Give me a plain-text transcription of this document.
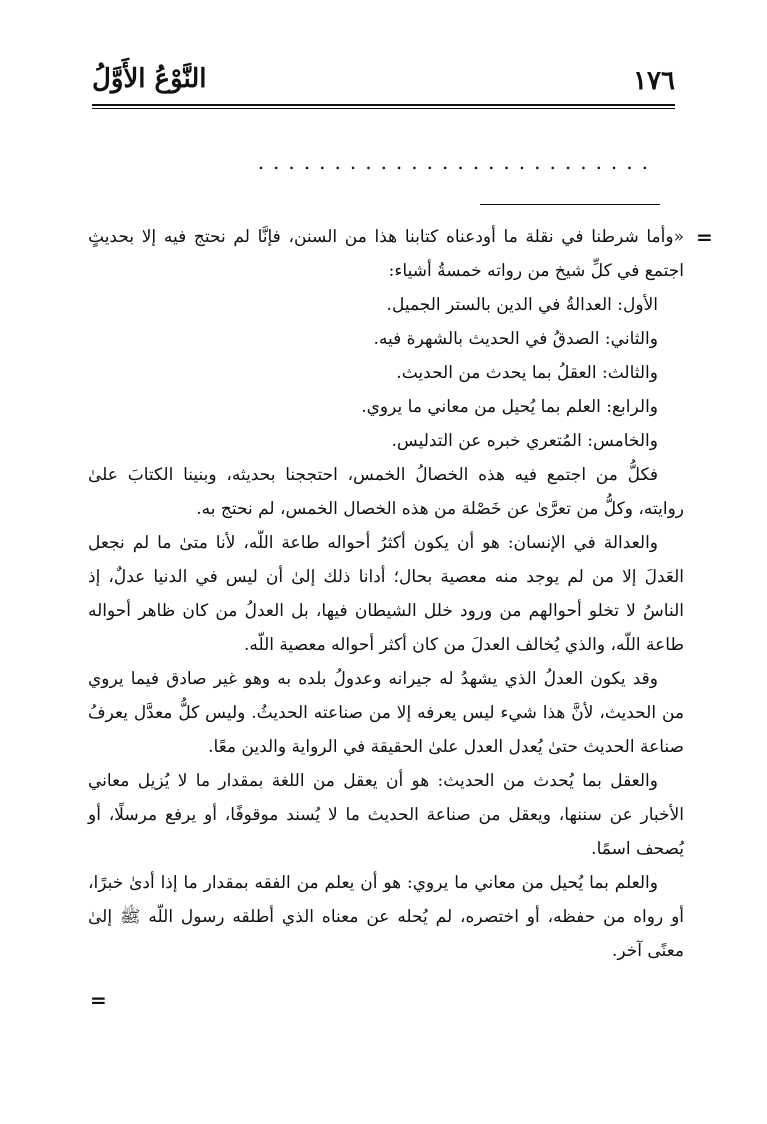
١٧٦
النَّوْعُ الأَوَّلُ
..........................
=

«وأما شرطنا في نقلة ما أودعناه كتابنا هذا من السنن، فإنَّا لم نحتج فيه إلا بحديثٍ اجتمع في كلِّ شيخ من رواته خمسةُ أشياء:

الأول: العدالةُ في الدين بالستر الجميل.

والثاني: الصدقُ في الحديث بالشهرة فيه.

والثالث: العقلُ بما يحدث من الحديث.

والرابع: العلم بما يُحيل من معاني ما يروي.

والخامس: المُتعري خبره عن التدليس.

فكلُّ من اجتمع فيه هذه الخصالُ الخمس، احتججنا بحديثه، وبنينا الكتابَ علىٰ روايته، وكلُّ من تعرَّىٰ عن خَصْلة من هذه الخصال الخمس، لم نحتج به.

والعدالة في الإنسان: هو أن يكون أكثرُ أحواله طاعة اللّه، لأنا متىٰ ما لم نجعل العَدلَ إلا من لم يوجد منه معصية بحال؛ أدانا ذلك إلىٰ أن ليس في الدنيا عدلٌ، إذ الناسُ لا تخلو أحوالهم من ورود خلل الشيطان فيها، بل العدلُ من كان ظاهر أحواله طاعة اللّه، والذي يُخالف العدلَ من كان أكثر أحواله معصية اللّه.

وقد يكون العدلُ الذي يشهدُ له جيرانه وعدولُ بلده به وهو غير صادق فيما يروي من الحديث، لأنَّ هذا شيء ليس يعرفه إلا من صناعته الحديثُ. وليس كلُّ معدَّل يعرفُ صناعة الحديث حتىٰ يُعدل العدل علىٰ الحقيقة في الرواية والدين معًا.

والعقل بما يُحدث من الحديث: هو أن يعقل من اللغة بمقدار ما لا يُزيل معاني الأخبار عن سننها، ويعقل من صناعة الحديث ما لا يُسند موقوفًا، أو يرفع مرسلًا، أو يُصحف اسمًا.

والعلم بما يُحيل من معاني ما يروي: هو أن يعلم من الفقه بمقدار ما إذا أدىٰ خبرًا، أو رواه من حفظه، أو اختصره، لم يُحله عن معناه الذي أطلقه رسول اللّه ﷺ إلىٰ معنًى آخر.

=
